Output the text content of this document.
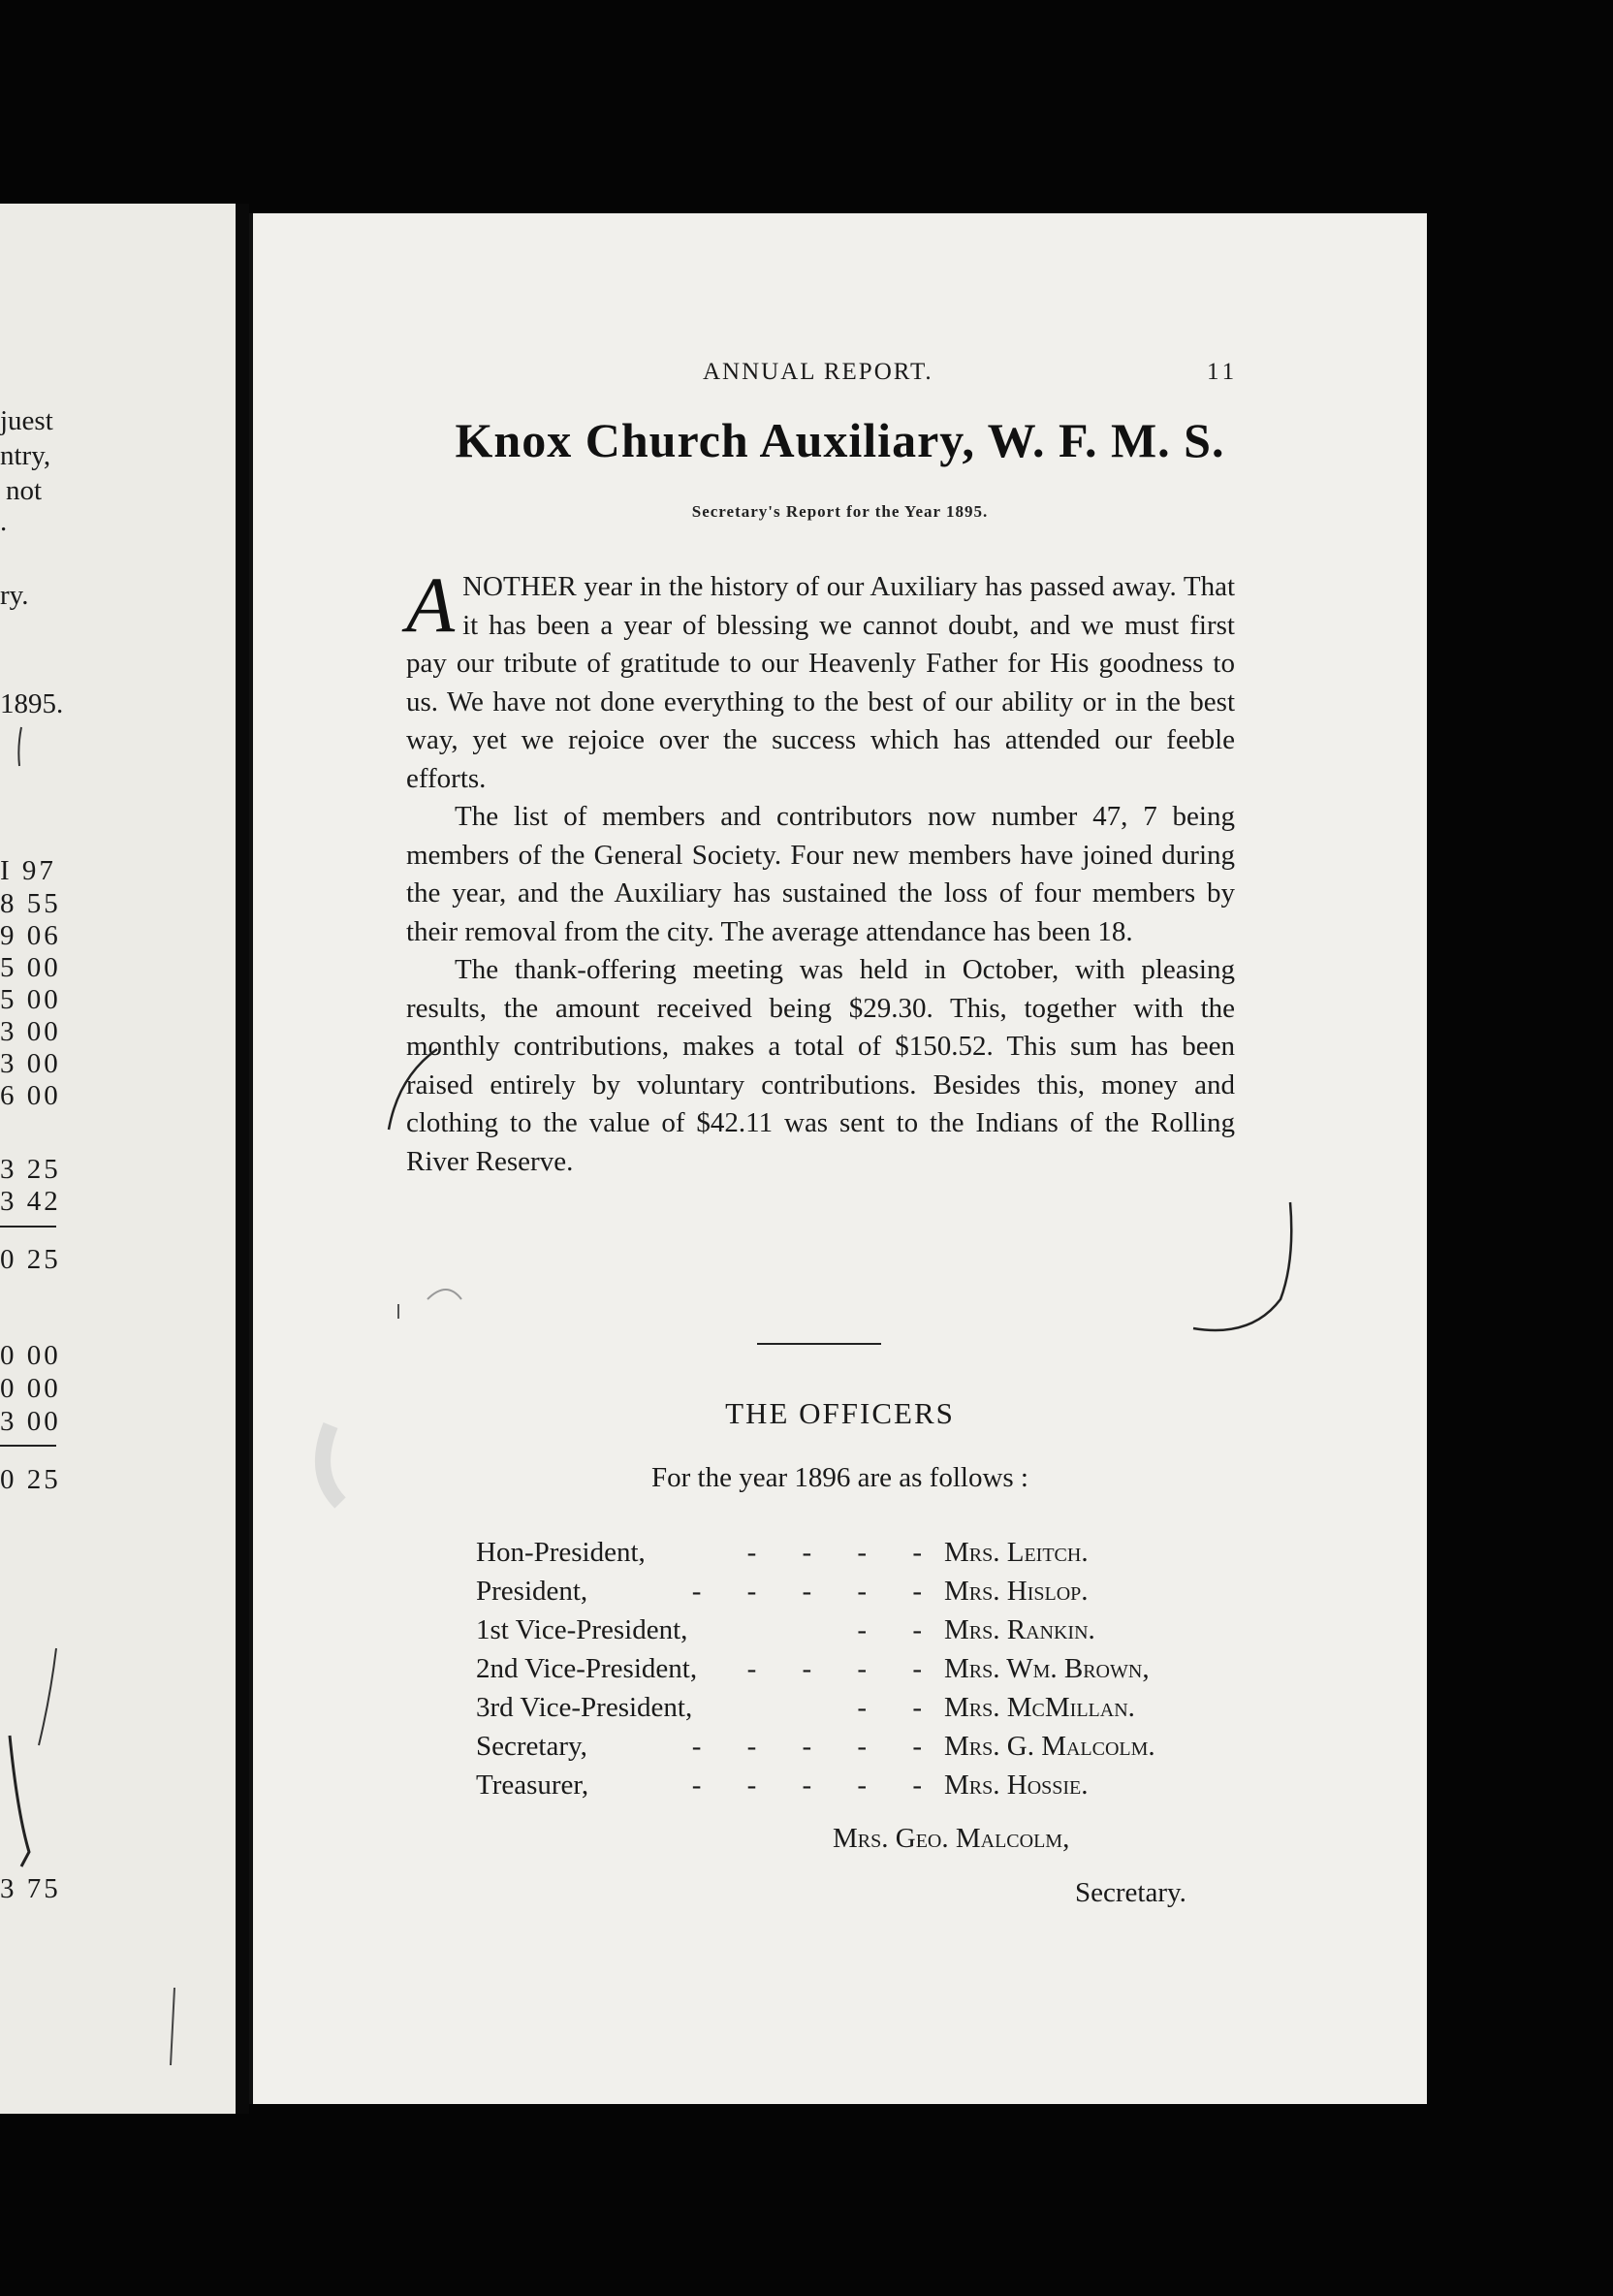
juest
ntry,
not
.
ry.
1895.
I 97
8 55
9 06
5 00
5 00
3 00
3 00
6 00
3 25
3 42
0 25
0 00
0 00
3 00
0 25
3 75
ANNUAL REPORT.	11
Knox Church Auxiliary, W. F. M. S.
Secretary's Report for the Year 1895.

ANOTHER year in the history of our Auxiliary has passed away. That it has been a year of blessing we cannot doubt, and we must first pay our tribute of gratitude to our Heavenly Father for His goodness to us. We have not done everything to the best of our ability or in the best way, yet we rejoice over the success which has attended our feeble efforts.

The list of members and contributors now number 47, 7 being members of the General Society. Four new members have joined during the year, and the Auxiliary has sustained the loss of four members by their removal from the city. The average attendance has been 18.

The thank-offering meeting was held in October, with pleasing results, the amount received being $29.30. This, together with the monthly contributions, makes a total of $150.52. This sum has been raised entirely by voluntary contributions. Besides this, money and clothing to the value of $42.11 was sent to the Indians of the Rolling River Reserve.

THE OFFICERS
For the year 1896 are as follows :
Hon-President,	- - - - Mrs. Leitch.
President,	- - - - - Mrs. Hislop.
1st Vice-President,	- - Mrs. Rankin.
2nd Vice-President,	- - - - Mrs. Wm. Brown,
3rd Vice-President,	- - Mrs. McMillan.
Secretary,	- - - - - Mrs. G. Malcolm.
Treasurer,	- - - - - Mrs. Hossie.
Mrs. Geo. Malcolm,
Secretary.
